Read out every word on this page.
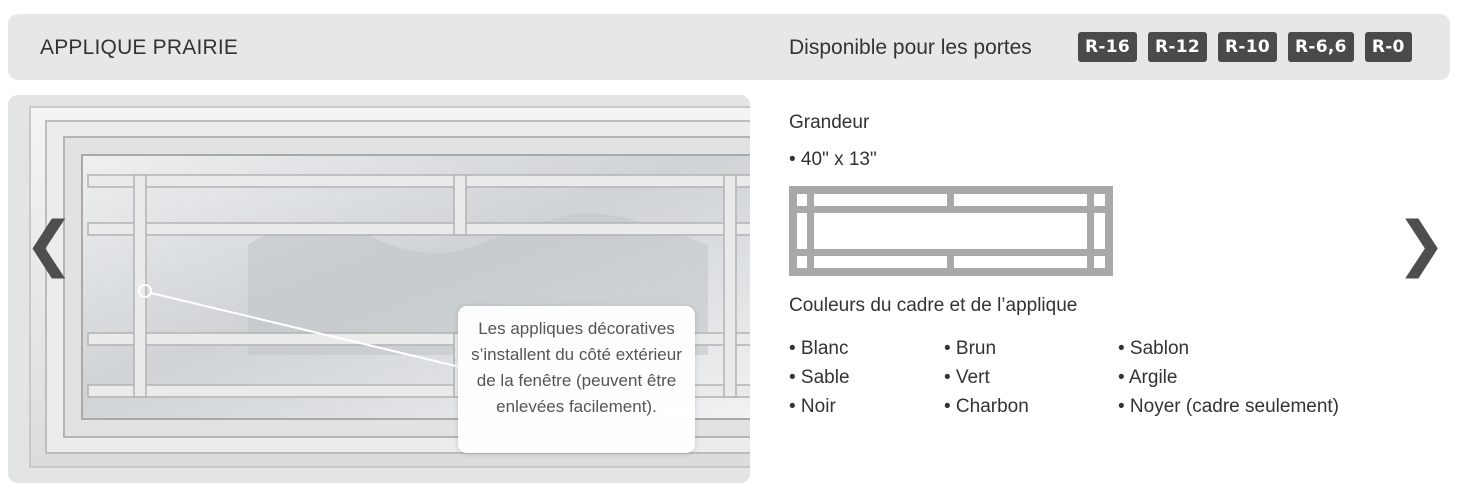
APPLIQUE PRAIRIE	Disponible pour les portes	R-16	R-12	R-10	R-6,6	R-0
Les appliques décoratives s’installent du côté extérieur de la fenêtre (peuvent être enlevées facilement).
❮	❯
Grandeur
• 40" x 13"
Couleurs du cadre et de l’applique
• Blanc
• Sable
• Noir
• Brun
• Vert
• Charbon
• Sablon
• Argile
• Noyer (cadre seulement)
